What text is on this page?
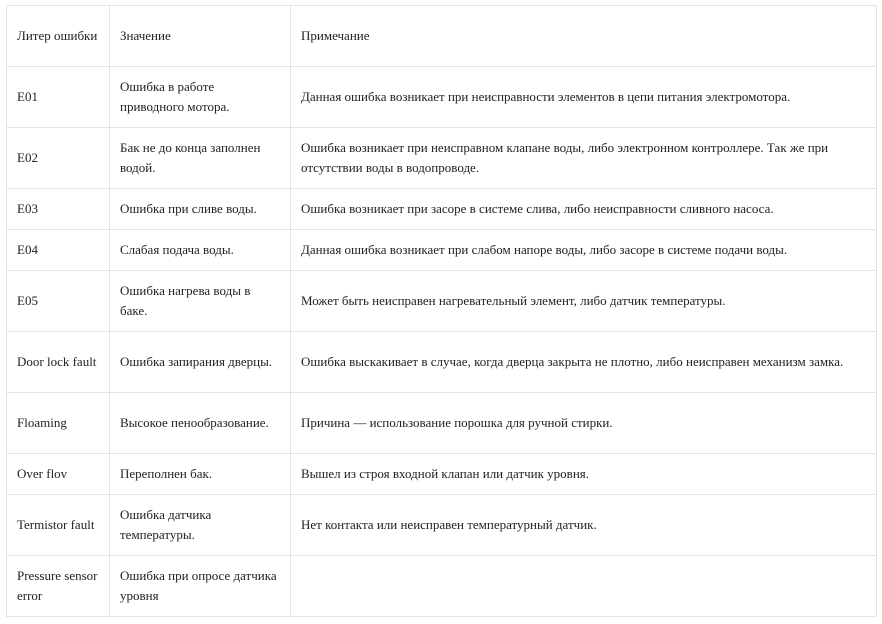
Литер ошибки	Значение	Примечание
E01	Ошибка в работе приводного мотора.	Данная ошибка возникает при неисправности элементов в цепи питания электромотора.
E02	Бак не до конца заполнен водой.	Ошибка возникает при неисправном клапане воды, либо электронном контроллере. Так же при отсутствии воды в водопроводе.
E03	Ошибка при сливе воды.	Ошибка возникает при засоре в системе слива, либо неисправности сливного насоса.
E04	Слабая подача воды.	Данная ошибка возникает при слабом напоре воды, либо засоре в системе подачи воды.
E05	Ошибка нагрева воды в баке.	Может быть неисправен нагревательный элемент, либо датчик температуры.
Door lock fault	Ошибка запирания дверцы.	Ошибка выскакивает в случае, когда дверца закрыта не плотно, либо неисправен механизм замка.
Floaming	Высокое пенообразование.	Причина — использование порошка для ручной стирки.
Over flov	Переполнен бак.	Вышел из строя входной клапан или датчик уровня.
Termistor fault	Ошибка датчика температуры.	Нет контакта или неисправен температурный датчик.
Pressure sensor error	Ошибка при опросе датчика уровня	
